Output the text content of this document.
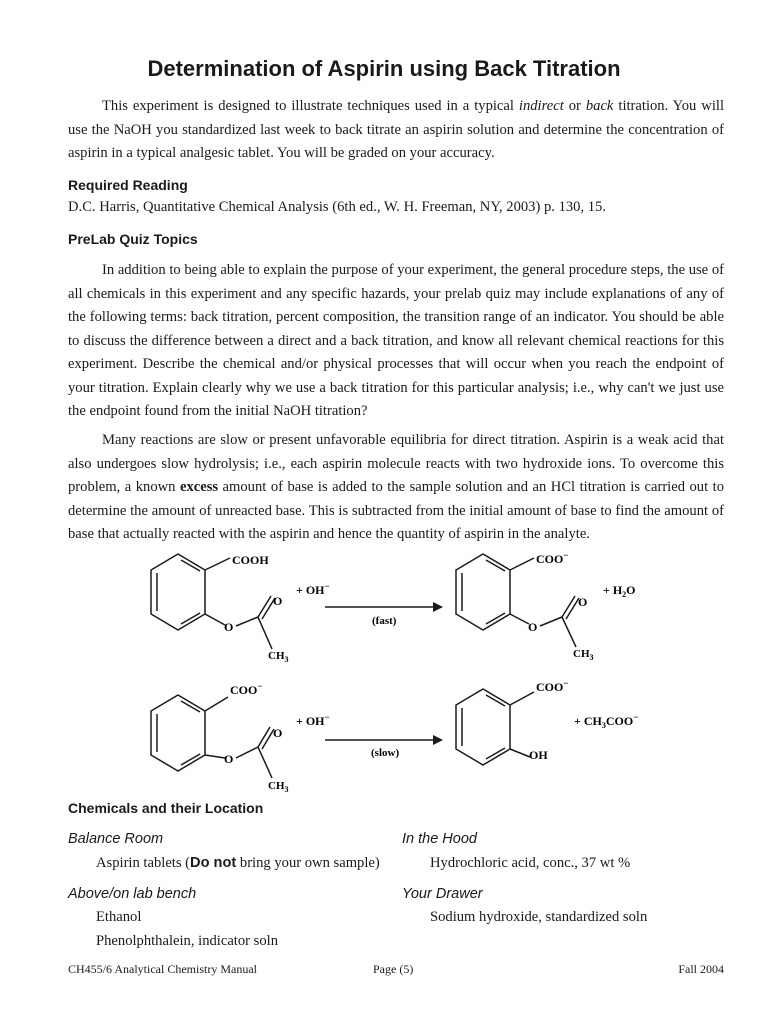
Determination of Aspirin using Back Titration
This experiment is designed to illustrate techniques used in a typical indirect or back titration. You will use the NaOH you standardized last week to back titrate an aspirin solution and determine the concentration of aspirin in a typical analgesic tablet. You will be graded on your accuracy.
Required Reading
D.C. Harris, Quantitative Chemical Analysis (6th ed., W. H. Freeman, NY, 2003) p. 130, 15.
PreLab Quiz Topics
In addition to being able to explain the purpose of your experiment, the general procedure steps, the use of all chemicals in this experiment and any specific hazards, your prelab quiz may include explanations of any of the following terms: back titration, percent composition, the transition range of an indicator. You should be able to discuss the difference between a direct and a back titration, and know all relevant chemical reactions for this experiment. Describe the chemical and/or physical processes that will occur when you reach the endpoint of your titration. Explain clearly why we use a back titration for this particular analysis; i.e., why can't we just use the endpoint found from the initial NaOH titration?
Many reactions are slow or present unfavorable equilibria for direct titration. Aspirin is a weak acid that also undergoes slow hydrolysis; i.e., each aspirin molecule reacts with two hydroxide ions. To overcome this problem, a known excess amount of base is added to the sample solution and an HCl titration is carried out to determine the amount of unreacted base. This is subtracted from the initial amount of base to find the amount of base that actually reacted with the aspirin and hence the quantity of aspirin in the analyte.
COOH
O
O
$CH_3$
+ OH−
(fast)
COO−
O
O
$CH_3$
+ $H_2O$
COO−
O
O
$CH_3$
+ OH−
(slow)
COO−
OH
+ $CH_3COO^-$
Chemicals and their Location
Balance Room
Aspirin tablets (Do not bring your own sample)
Above/on lab bench
Ethanol
Phenolphthalein, indicator soln
In the Hood
Hydrochloric acid, conc., 37 wt %
Your Drawer
Sodium hydroxide, standardized soln
CH455/6 Analytical Chemistry Manual	Page (5)	Fall 2004
